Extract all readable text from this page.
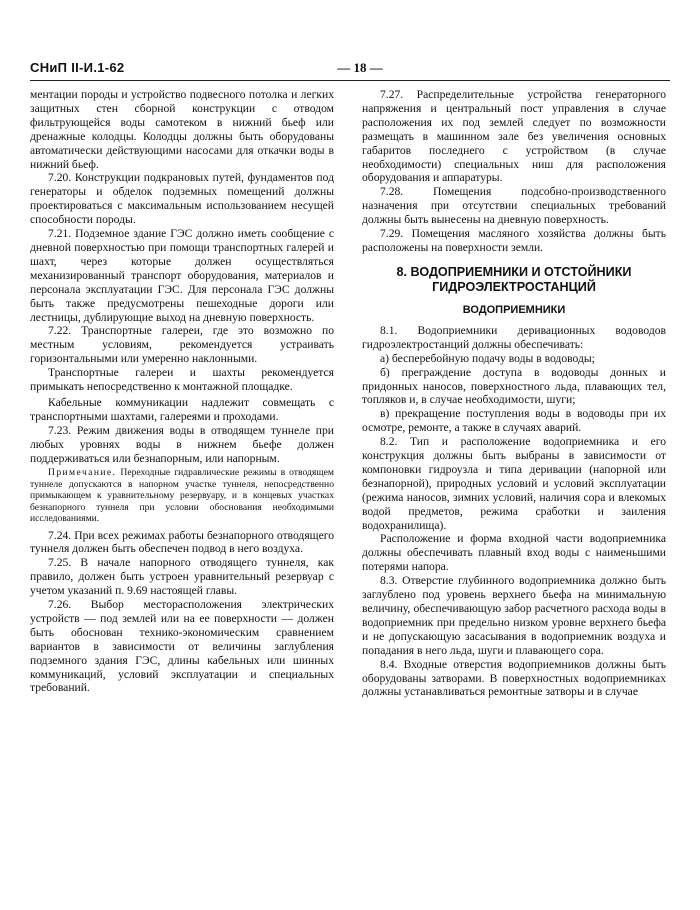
СНиП II-И.1-62	— 18 —

ментации породы и устройство подвесного потолка и легких защитных стен сборной конструкции с отводом фильтрующейся воды самотеком в нижний бьеф или дренажные колодцы. Колодцы должны быть оборудованы автоматически действующими насосами для откачки воды в нижний бьеф.

7.20. Конструкции подкрановых путей, фундаментов под генераторы и обделок подземных помещений должны проектироваться с максимальным использованием несущей способности породы.

7.21. Подземное здание ГЭС должно иметь сообщение с дневной поверхностью при помощи транспортных галерей и шахт, через которые должен осуществляться механизированный транспорт оборудования, материалов и персонала эксплуатации ГЭС. Для персонала ГЭС должны быть также предусмотрены пешеходные дороги или лестницы, дублирующие выход на дневную поверхность.

7.22. Транспортные галереи, где это возможно по местным условиям, рекомендуется устраивать горизонтальными или умеренно наклонными.

Транспортные галереи и шахты рекомендуется примыкать непосредственно к монтажной площадке.

Кабельные коммуникации надлежит совмещать с транспортными шахтами, галереями и проходами.

7.23. Режим движения воды в отводящем туннеле при любых уровнях воды в нижнем бьефе должен поддерживаться или безнапорным, или напорным.

Примечание. Переходные гидравлические режимы в отводящем туннеле допускаются в напорном участке туннеля, непосредственно примыкающем к уравнительному резервуару, и в концевых участках безнапорного туннеля при условии обоснования необходимыми исследованиями.

7.24. При всех режимах работы безнапорного отводящего туннеля должен быть обеспечен подвод в него воздуха.

7.25. В начале напорного отводящего туннеля, как правило, должен быть устроен уравнительный резервуар с учетом указаний п. 9.69 настоящей главы.

7.26. Выбор месторасположения электрических устройств — под землей или на ее поверхности — должен быть обоснован технико-экономическим сравнением вариантов в зависимости от величины заглубления подземного здания ГЭС, длины кабельных или шинных коммуникаций, условий эксплуатации и специальных требований.

7.27. Распределительные устройства генераторного напряжения и центральный пост управления в случае расположения их под землей следует по возможности размещать в машинном зале без увеличения основных габаритов последнего с устройством (в случае необходимости) специальных ниш для расположения оборудования и аппаратуры.

7.28. Помещения подсобно-производственного назначения при отсутствии специальных требований должны быть вынесены на дневную поверхность.

7.29. Помещения масляного хозяйства должны быть расположены на поверхности земли.

8. ВОДОПРИЕМНИКИ И ОТСТОЙНИКИ ГИДРОЭЛЕКТРОСТАНЦИЙ

ВОДОПРИЕМНИКИ

8.1. Водоприемники деривационных водоводов гидроэлектростанций должны обеспечивать:

а) бесперебойную подачу воды в водоводы;

б) преграждение доступа в водоводы донных и придонных наносов, поверхностного льда, плавающих тел, топляков и, в случае необходимости, шуги;

в) прекращение поступления воды в водоводы при их осмотре, ремонте, а также в случаях аварий.

8.2. Тип и расположение водоприемника и его конструкция должны быть выбраны в зависимости от компоновки гидроузла и типа деривации (напорной или безнапорной), природных условий и условий эксплуатации (режима наносов, зимних условий, наличия сора и влекомых водой предметов, режима сработки и заиления водохранилища).

Расположение и форма входной части водоприемника должны обеспечивать плавный вход воды с наименьшими потерями напора.

8.3. Отверстие глубинного водоприемника должно быть заглублено под уровень верхнего бьефа на минимальную величину, обеспечивающую забор расчетного расхода воды в водоприемник при предельно низком уровне верхнего бьефа и не допускающую засасывания в водоприемник воздуха и попадания в него льда, шуги и плавающего сора.

8.4. Входные отверстия водоприемников должны быть оборудованы затворами. В поверхностных водоприемниках должны устанавливаться ремонтные затворы и в случае
